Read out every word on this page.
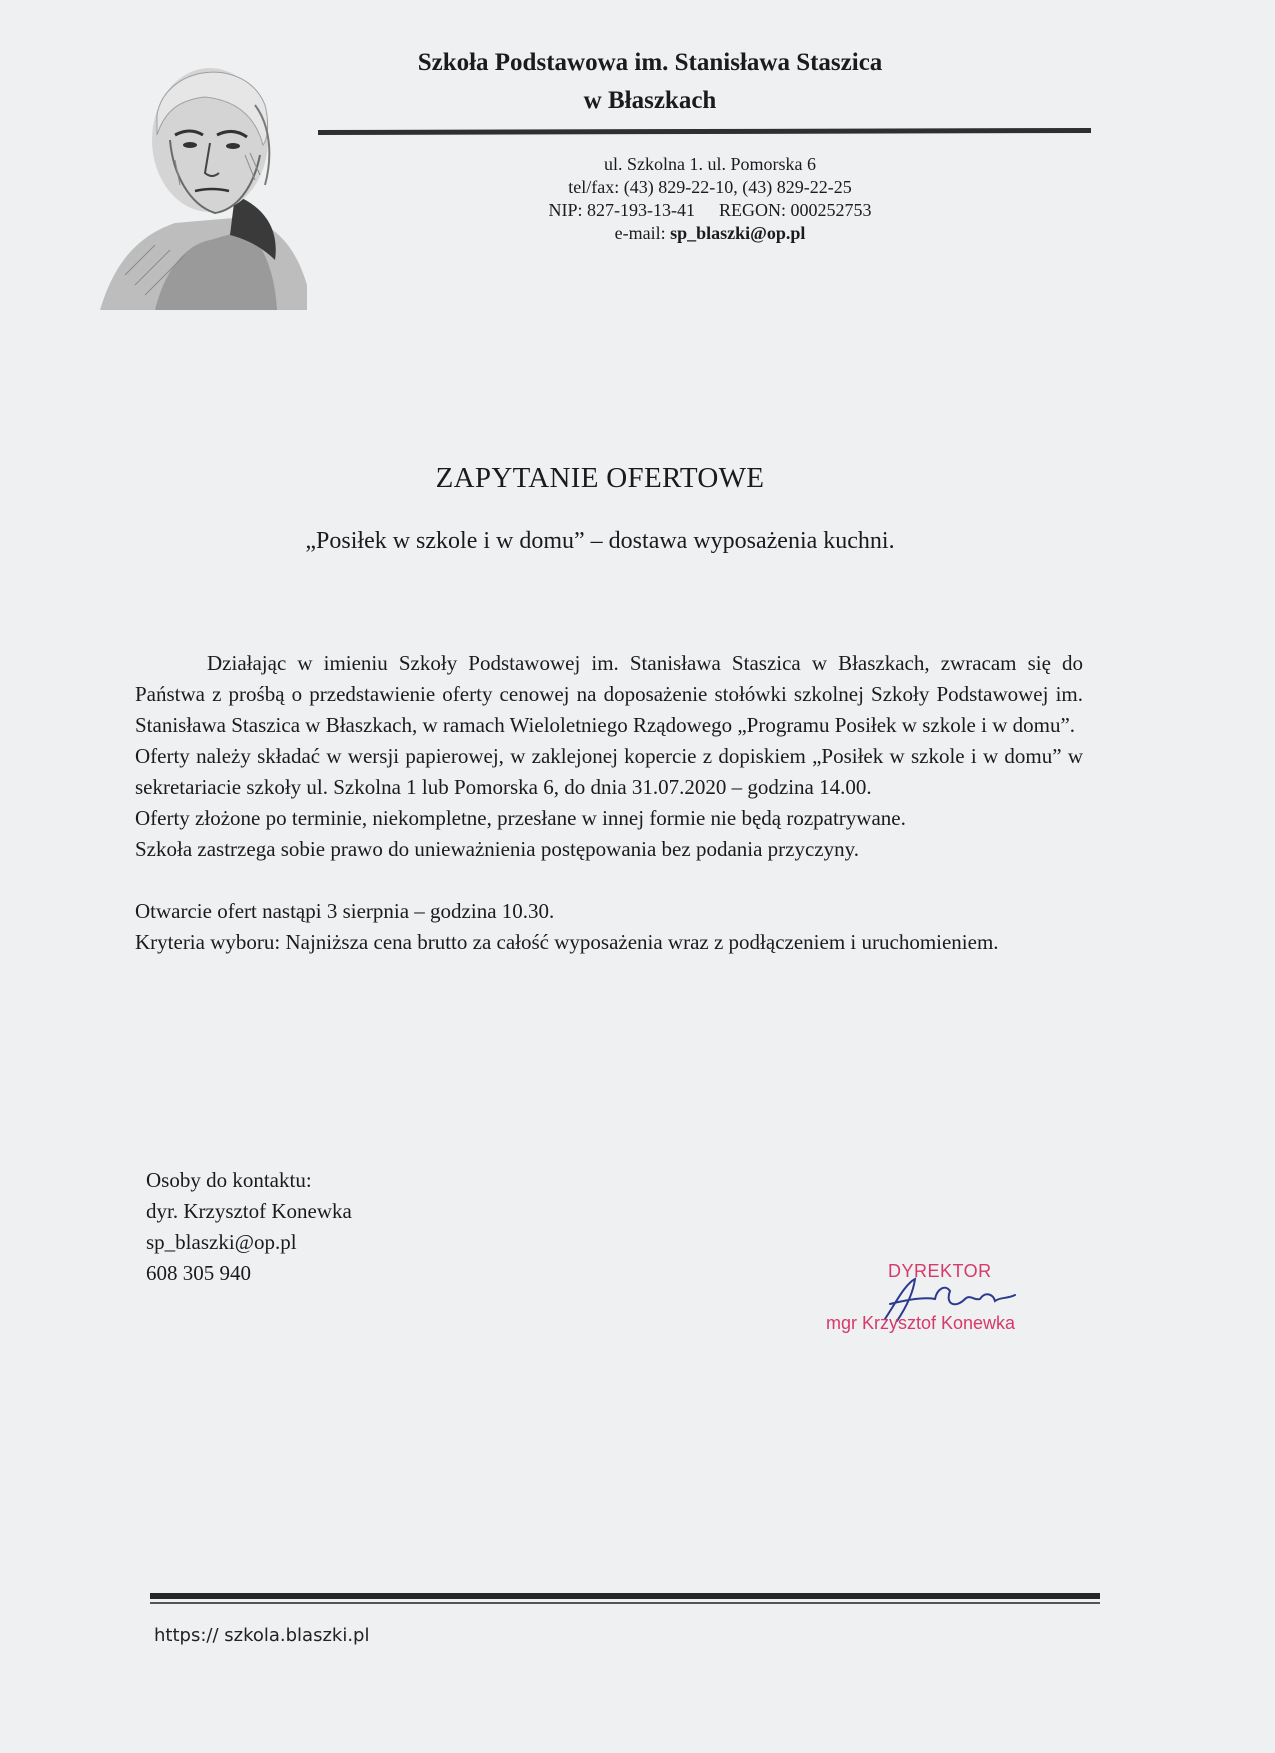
Szkoła Podstawowa im. Stanisława Staszica
w Błaszkach
ul. Szkolna 1. ul. Pomorska 6
tel/fax: (43) 829-22-10, (43) 829-22-25
NIP: 827-193-13-41 REGON: 000252753
e-mail: sp_blaszki@op.pl
ZAPYTANIE OFERTOWE
„Posiłek w szkole i w domu” – dostawa wyposażenia kuchni.

Działając w imieniu Szkoły Podstawowej im. Stanisława Staszica w Błaszkach, zwracam się do Państwa z prośbą o przedstawienie oferty cenowej na doposażenie stołówki szkolnej Szkoły Podstawowej im. Stanisława Staszica w Błaszkach, w ramach Wieloletniego Rządowego „Programu Posiłek w szkole i w domu”.

Oferty należy składać w wersji papierowej, w zaklejonej kopercie z dopiskiem „Posiłek w szkole i w domu” w sekretariacie szkoły ul. Szkolna 1 lub Pomorska 6, do dnia 31.07.2020 – godzina 14.00.

Oferty złożone po terminie, niekompletne, przesłane w innej formie nie będą rozpatrywane.

Szkoła zastrzega sobie prawo do unieważnienia postępowania bez podania przyczyny.

Otwarcie ofert nastąpi 3 sierpnia – godzina 10.30.

Kryteria wyboru: Najniższa cena brutto za całość wyposażenia wraz z podłączeniem i uruchomieniem.

Osoby do kontaktu:
dyr. Krzysztof Konewka
sp_blaszki@op.pl
608 305 940	DYREKTOR
mgr Krzysztof Konewka
https:// szkola.blaszki.pl
